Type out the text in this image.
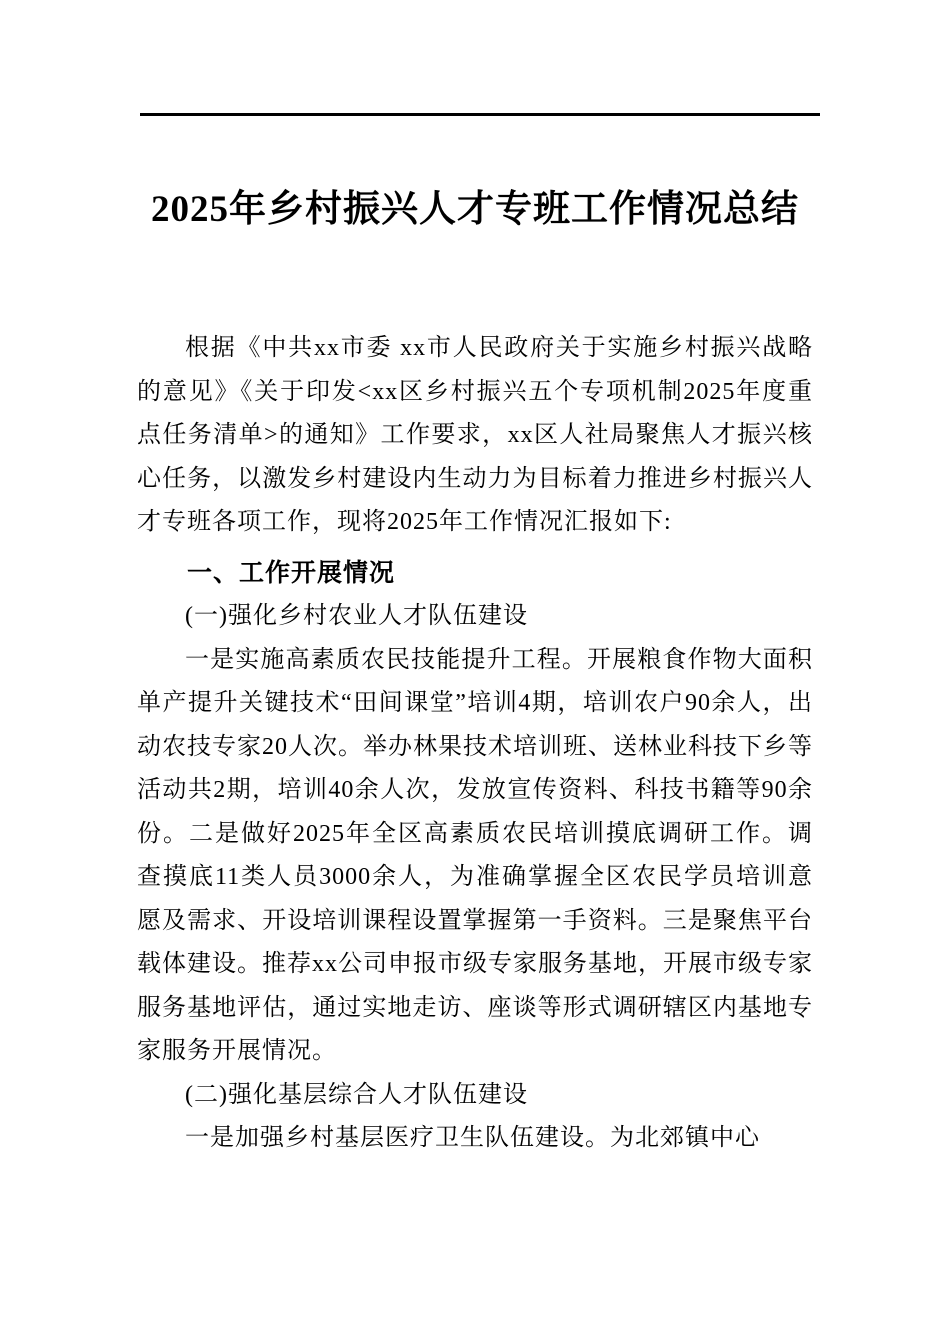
2025年乡村振兴人才专班工作情况总结

根据《中共xx市委 xx市人民政府关于实施乡村振兴战略的意见》《关于印发<xx区乡村振兴五个专项机制2025年度重点任务清单>的通知》工作要求，xx区人社局聚焦人才振兴核心任务，以激发乡村建设内生动力为目标着力推进乡村振兴人才专班各项工作，现将2025年工作情况汇报如下:

一、工作开展情况
(一)强化乡村农业人才队伍建设

一是实施高素质农民技能提升工程。开展粮食作物大面积单产提升关键技术“田间课堂”培训4期，培训农户90余人，出动农技专家20人次。举办林果技术培训班、送林业科技下乡等活动共2期，培训40余人次，发放宣传资料、科技书籍等90余份。二是做好2025年全区高素质农民培训摸底调研工作。调查摸底11类人员3000余人，为准确掌握全区农民学员培训意愿及需求、开设培训课程设置掌握第一手资料。三是聚焦平台载体建设。推荐xx公司申报市级专家服务基地，开展市级专家服务基地评估，通过实地走访、座谈等形式调研辖区内基地专家服务开展情况。

(二)强化基层综合人才队伍建设

一是加强乡村基层医疗卫生队伍建设。为北郊镇中心
